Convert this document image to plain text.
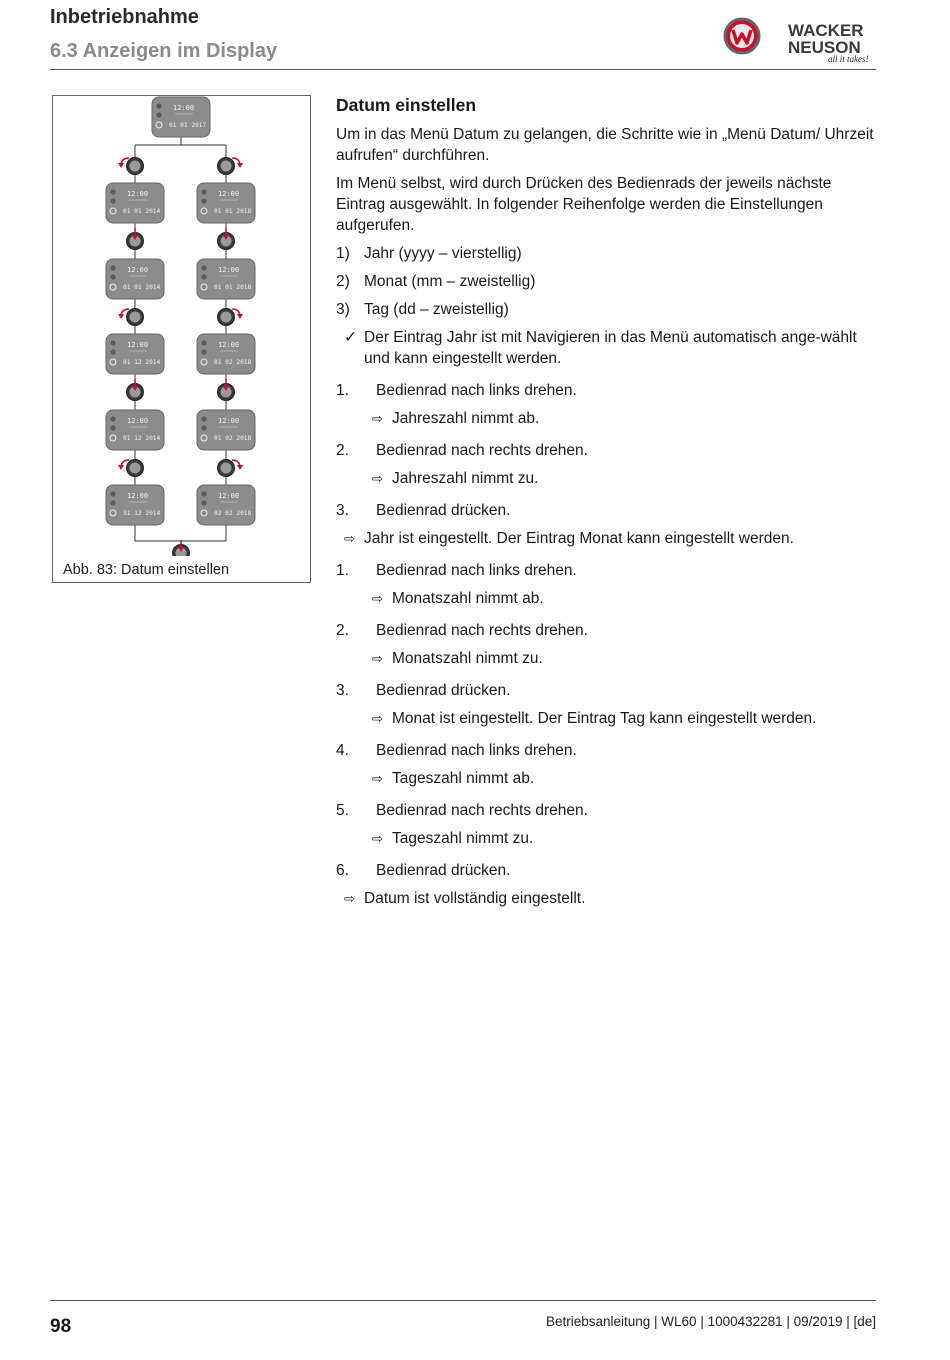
Inbetriebnahme
6.3 Anzeigen im Display
WACKER
NEUSON
all it takes!
12:00
01 01 2017
12:00
01 01 2014
12:00
01 01 2018
12:00
01 01 2014
12:00
01 01 2018
12:00
01 12 2014
12:00
01 02 2018
12:00
01 12 2014
12:00
01 02 2018
12:00
31 12 2014
12:00
02 02 2018
Abb. 83: Datum einstellen
Datum einstellen
Um in das Menü Datum zu gelangen, die Schritte wie in „Menü Datum/ Uhrzeit aufrufen“ durchführen.
Im Menü selbst, wird durch Drücken des Bedienrads der jeweils nächste Eintrag ausgewählt. In folgender Reihenfolge werden die Einstellungen aufgerufen.
1) Jahr (yyyy – vierstellig)
2) Monat (mm – zweistellig)
3) Tag (dd – zweistellig)
✓ Der Eintrag Jahr ist mit Navigieren in das Menü automatisch ange-wählt und kann eingestellt werden.
1. Bedienrad nach links drehen.
⇨ Jahreszahl nimmt ab.
2. Bedienrad nach rechts drehen.
⇨ Jahreszahl nimmt zu.
3. Bedienrad drücken.
⇨ Jahr ist eingestellt. Der Eintrag Monat kann eingestellt werden.
1. Bedienrad nach links drehen.
⇨ Monatszahl nimmt ab.
2. Bedienrad nach rechts drehen.
⇨ Monatszahl nimmt zu.
3. Bedienrad drücken.
⇨ Monat ist eingestellt. Der Eintrag Tag kann eingestellt werden.
4. Bedienrad nach links drehen.
⇨ Tageszahl nimmt ab.
5. Bedienrad nach rechts drehen.
⇨ Tageszahl nimmt zu.
6. Bedienrad drücken.
⇨ Datum ist vollständig eingestellt.
98	Betriebsanleitung | WL60 | 1000432281 | 09/2019 | [de]
